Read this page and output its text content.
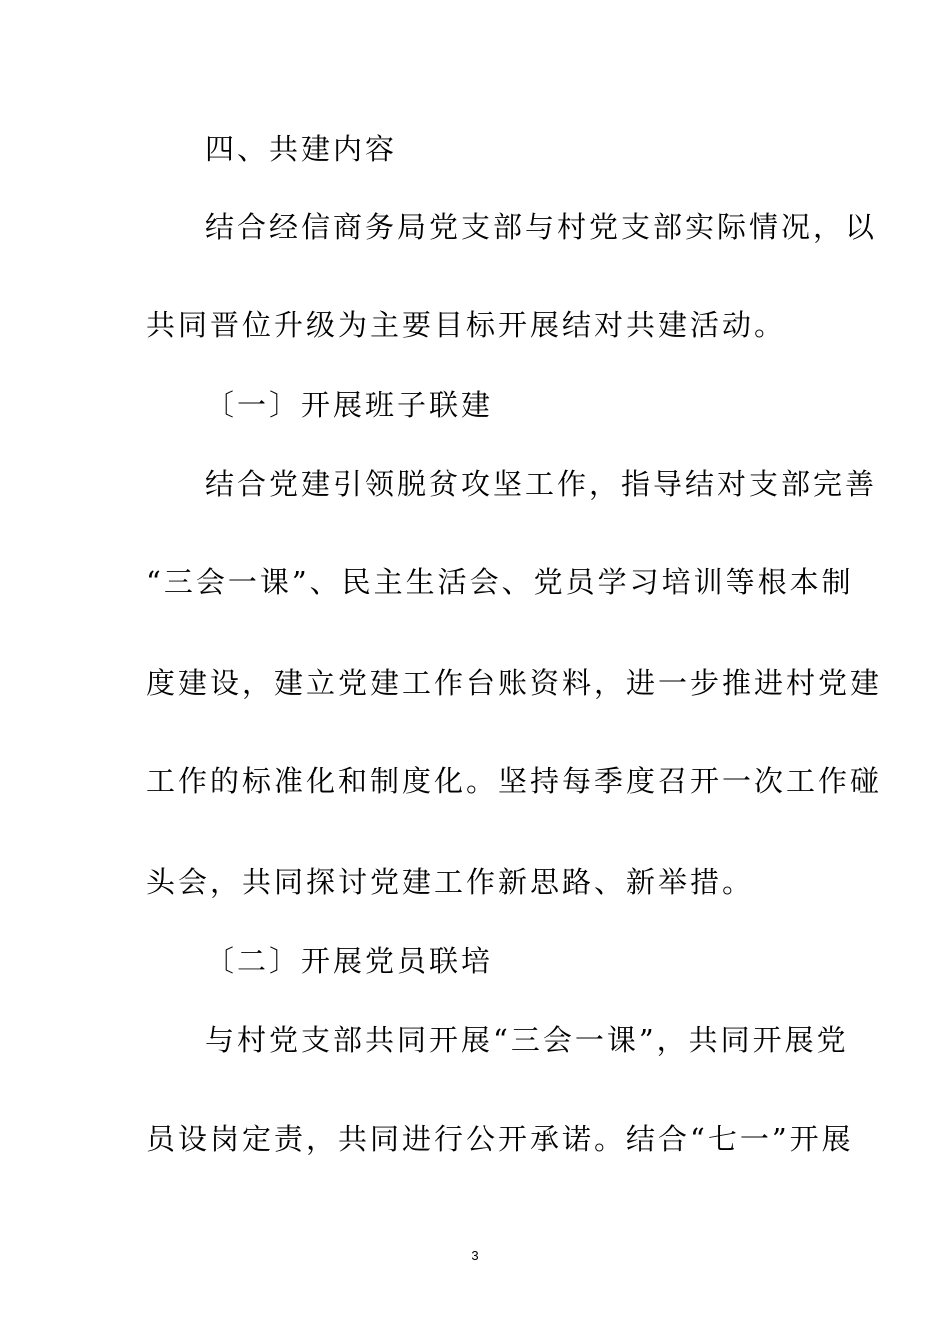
四、共建内容
结合经信商务局党支部与村党支部实际情况，以
共同晋位升级为主要目标开展结对共建活动。
〔一〕开展班子联建
结合党建引领脱贫攻坚工作，指导结对支部完善
“三会一课”、民主生活会、党员学习培训等根本制
度建设，建立党建工作台账资料，进一步推进村党建
工作的标准化和制度化。坚持每季度召开一次工作碰
头会，共同探讨党建工作新思路、新举措。
〔二〕开展党员联培
与村党支部共同开展“三会一课”，共同开展党
员设岗定责，共同进行公开承诺。结合“七一”开展
3
